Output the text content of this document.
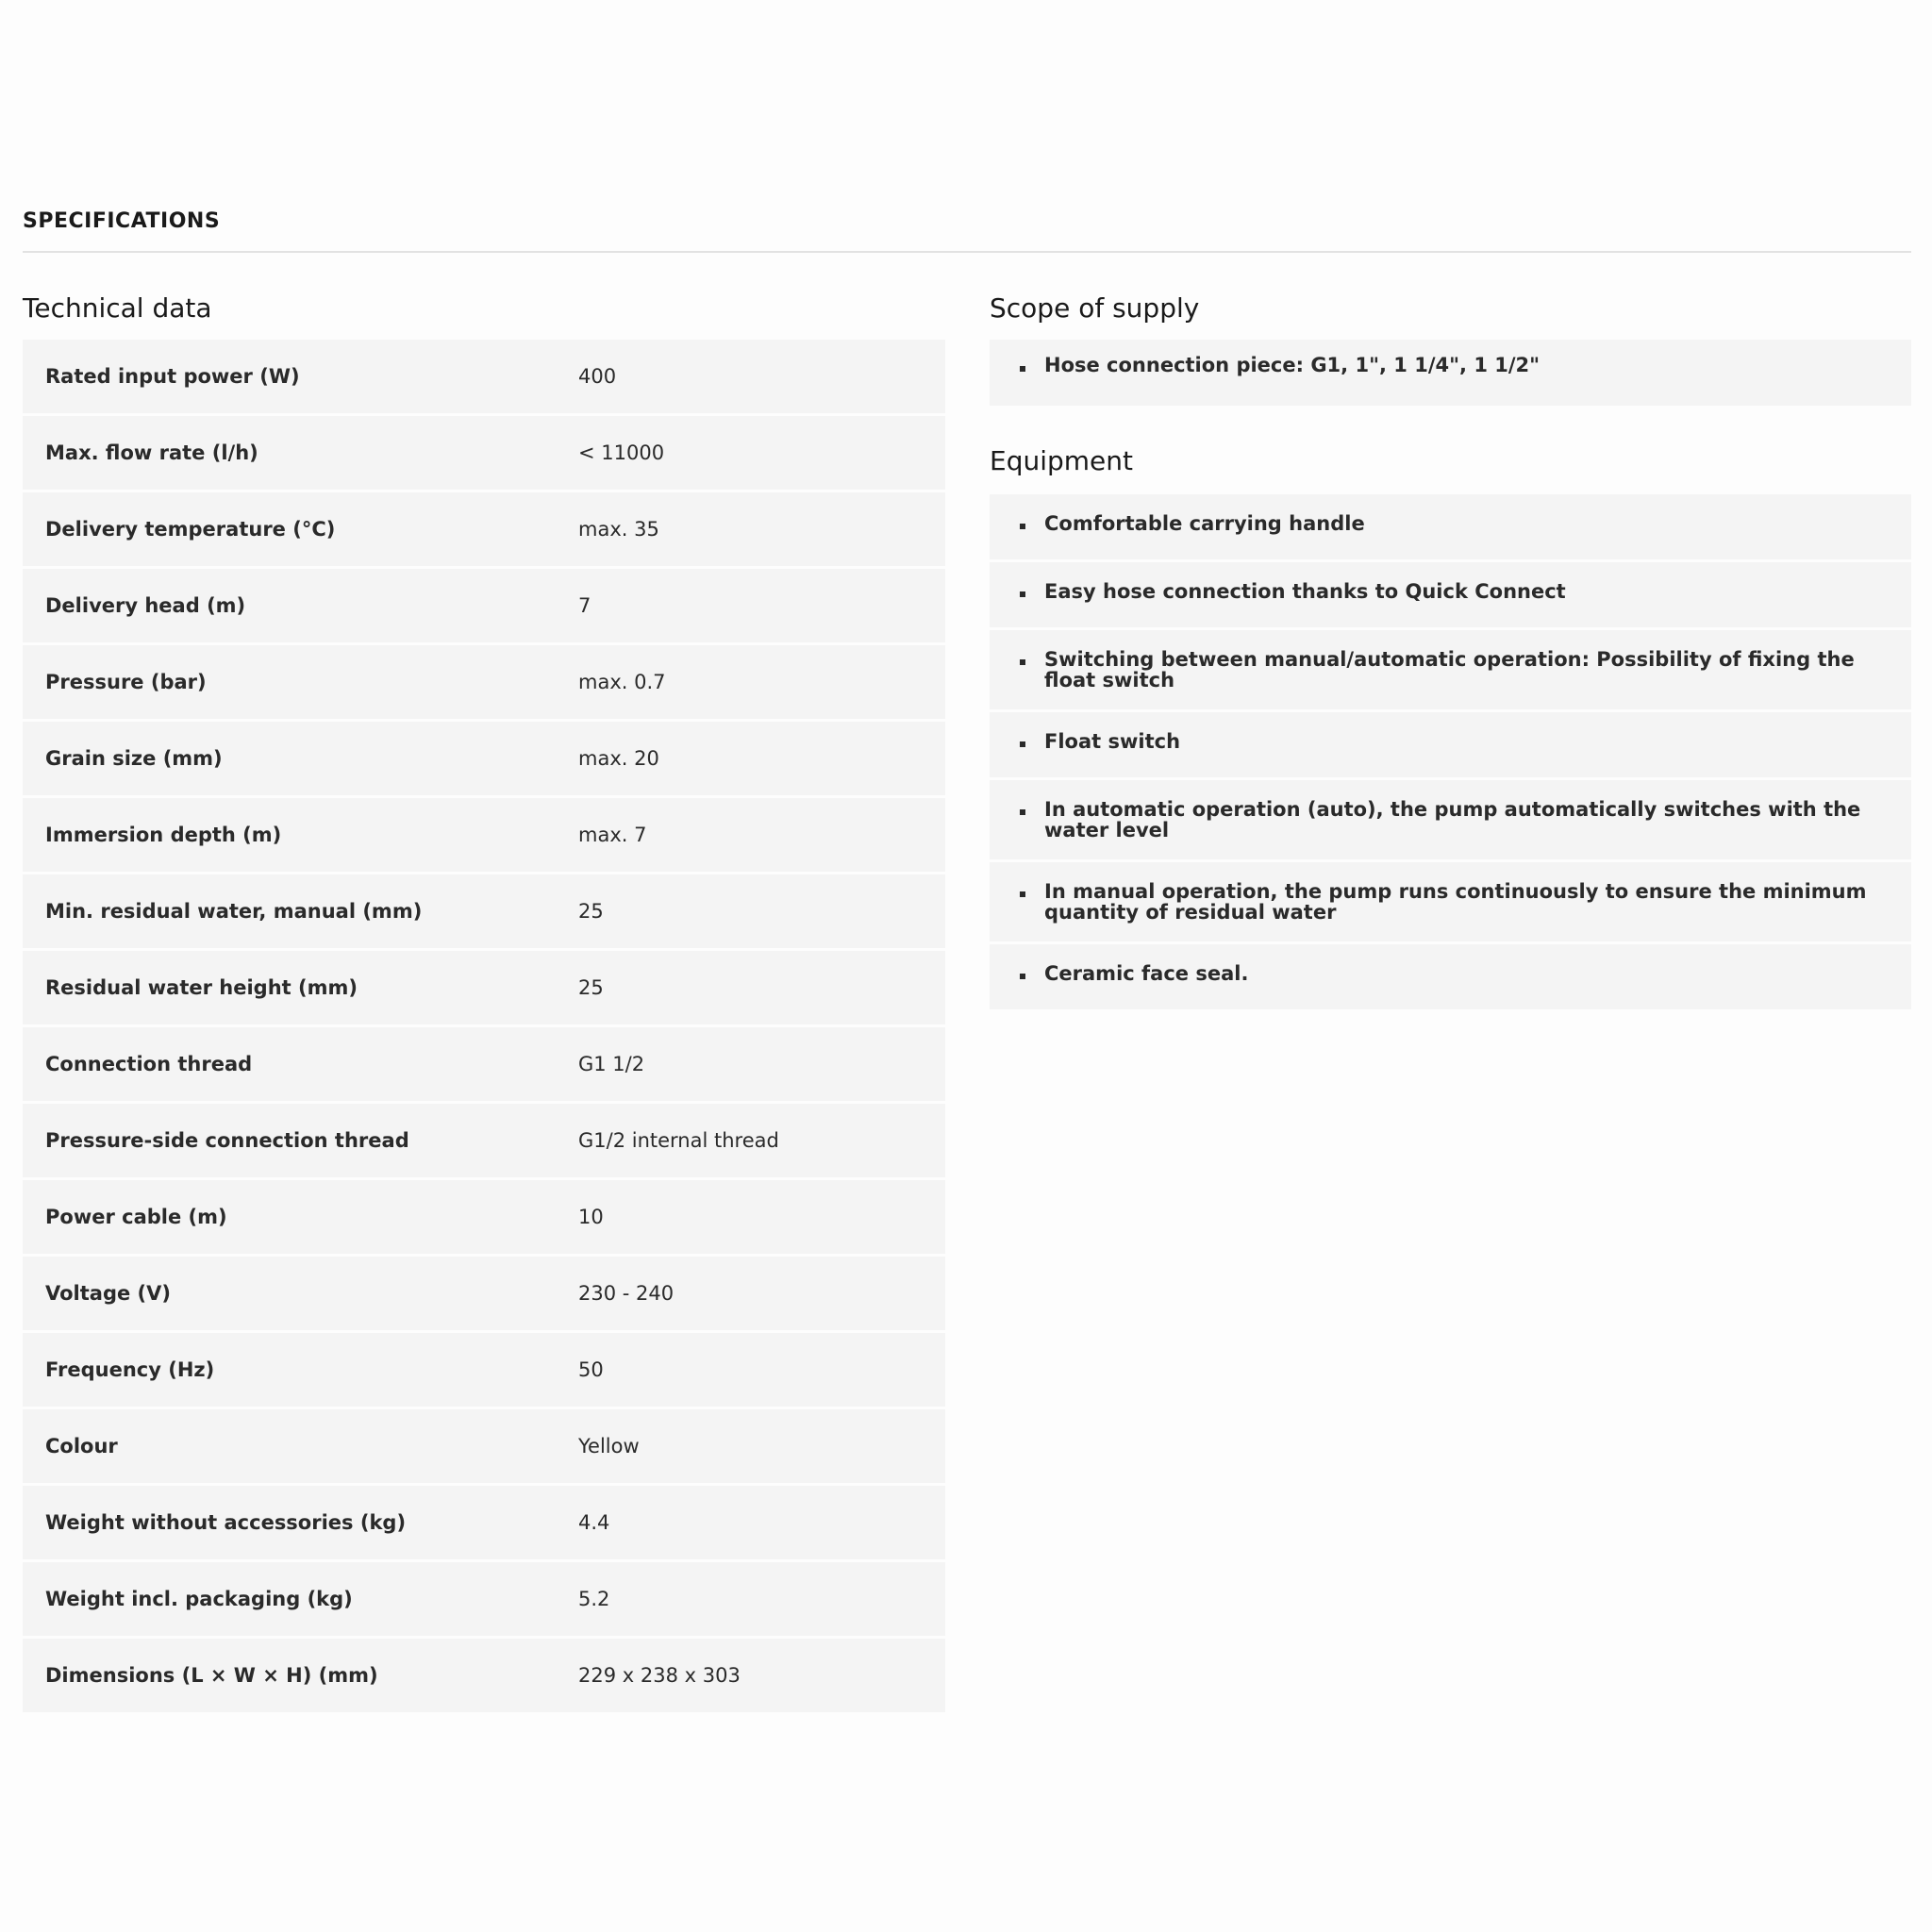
SPECIFICATIONS
Technical data
Rated input power (W)	400
Max. flow rate (l/h)	< 11000
Delivery temperature (°C)	max. 35
Delivery head (m)	7
Pressure (bar)	max. 0.7
Grain size (mm)	max. 20
Immersion depth (m)	max. 7
Min. residual water, manual (mm)	25
Residual water height (mm)	25
Connection thread	G1 1/2
Pressure-side connection thread	G1/2 internal thread
Power cable (m)	10
Voltage (V)	230 - 240
Frequency (Hz)	50
Colour	Yellow
Weight without accessories (kg)	4.4
Weight incl. packaging (kg)	5.2
Dimensions (L × W × H) (mm)	229 x 238 x 303
Scope of supply
Hose connection piece: G1, 1", 1 1/4", 1 1/2"
Equipment
Comfortable carrying handle
Easy hose connection thanks to Quick Connect
Switching between manual/automatic operation: Possibility of fixing the float switch
Float switch
In automatic operation (auto), the pump automatically switches with the water level
In manual operation, the pump runs continuously to ensure the minimum quantity of residual water
Ceramic face seal.
